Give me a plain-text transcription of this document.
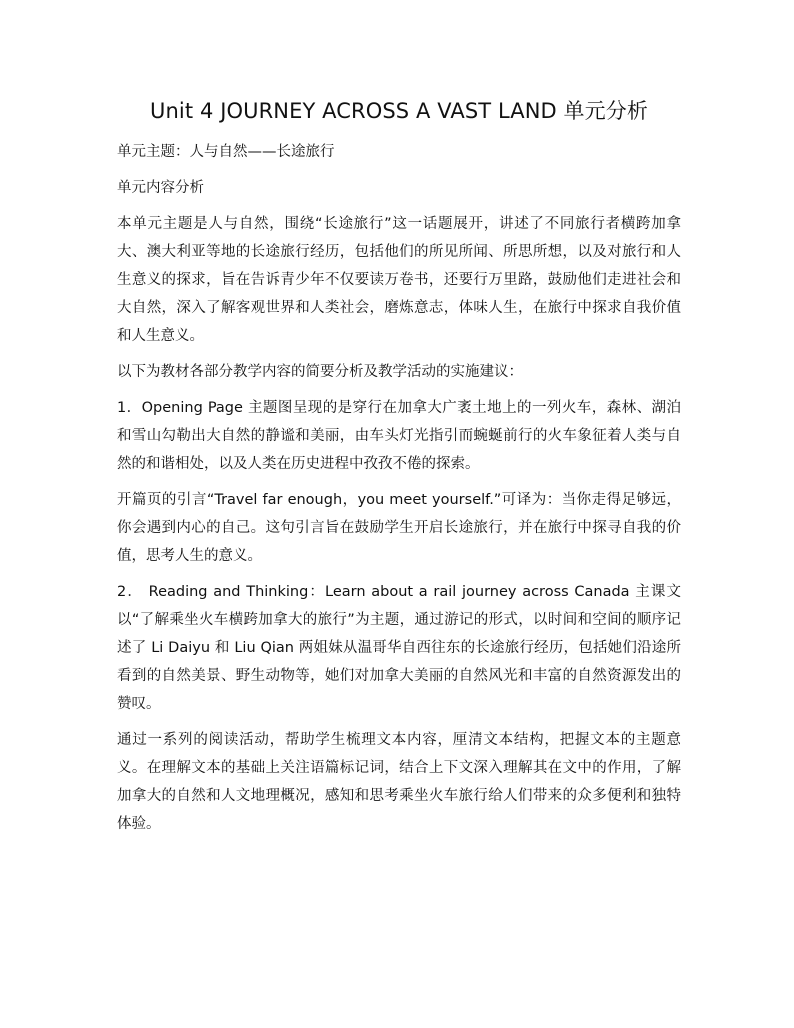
Unit 4 JOURNEY ACROSS A VAST LAND 单元分析

单元主题：人与自然——长途旅行

单元内容分析

本单元主题是人与自然，围绕“长途旅行”这一话题展开，讲述了不同旅行者横跨加拿大、澳大利亚等地的长途旅行经历，包括他们的所见所闻、所思所想，以及对旅行和人生意义的探求，旨在告诉青少年不仅要读万卷书，还要行万里路，鼓励他们走进社会和大自然，深入了解客观世界和人类社会，磨炼意志，体味人生，在旅行中探求自我价值和人生意义。

以下为教材各部分教学内容的简要分析及教学活动的实施建议：

1．Opening Page 主题图呈现的是穿行在加拿大广袤土地上的一列火车，森林、湖泊和雪山勾勒出大自然的静谧和美丽，由车头灯光指引而蜿蜒前行的火车象征着人类与自然的和谐相处，以及人类在历史进程中孜孜不倦的探索。

开篇页的引言“Travel far enough，you meet yourself.”可译为：当你走得足够远，你会遇到内心的自己。这句引言旨在鼓励学生开启长途旅行，并在旅行中探寻自我的价值，思考人生的意义。

2． Reading and Thinking：Learn about a rail journey across Canada 主课文以“了解乘坐火车横跨加拿大的旅行”为主题，通过游记的形式，以时间和空间的顺序记述了 Li Daiyu 和 Liu Qian 两姐妹从温哥华自西往东的长途旅行经历，包括她们沿途所看到的自然美景、野生动物等，她们对加拿大美丽的自然风光和丰富的自然资源发出的赞叹。

通过一系列的阅读活动，帮助学生梳理文本内容，厘清文本结构，把握文本的主题意义。在理解文本的基础上关注语篇标记词，结合上下文深入理解其在文中的作用，了解加拿大的自然和人文地理概况，感知和思考乘坐火车旅行给人们带来的众多便利和独特体验。
